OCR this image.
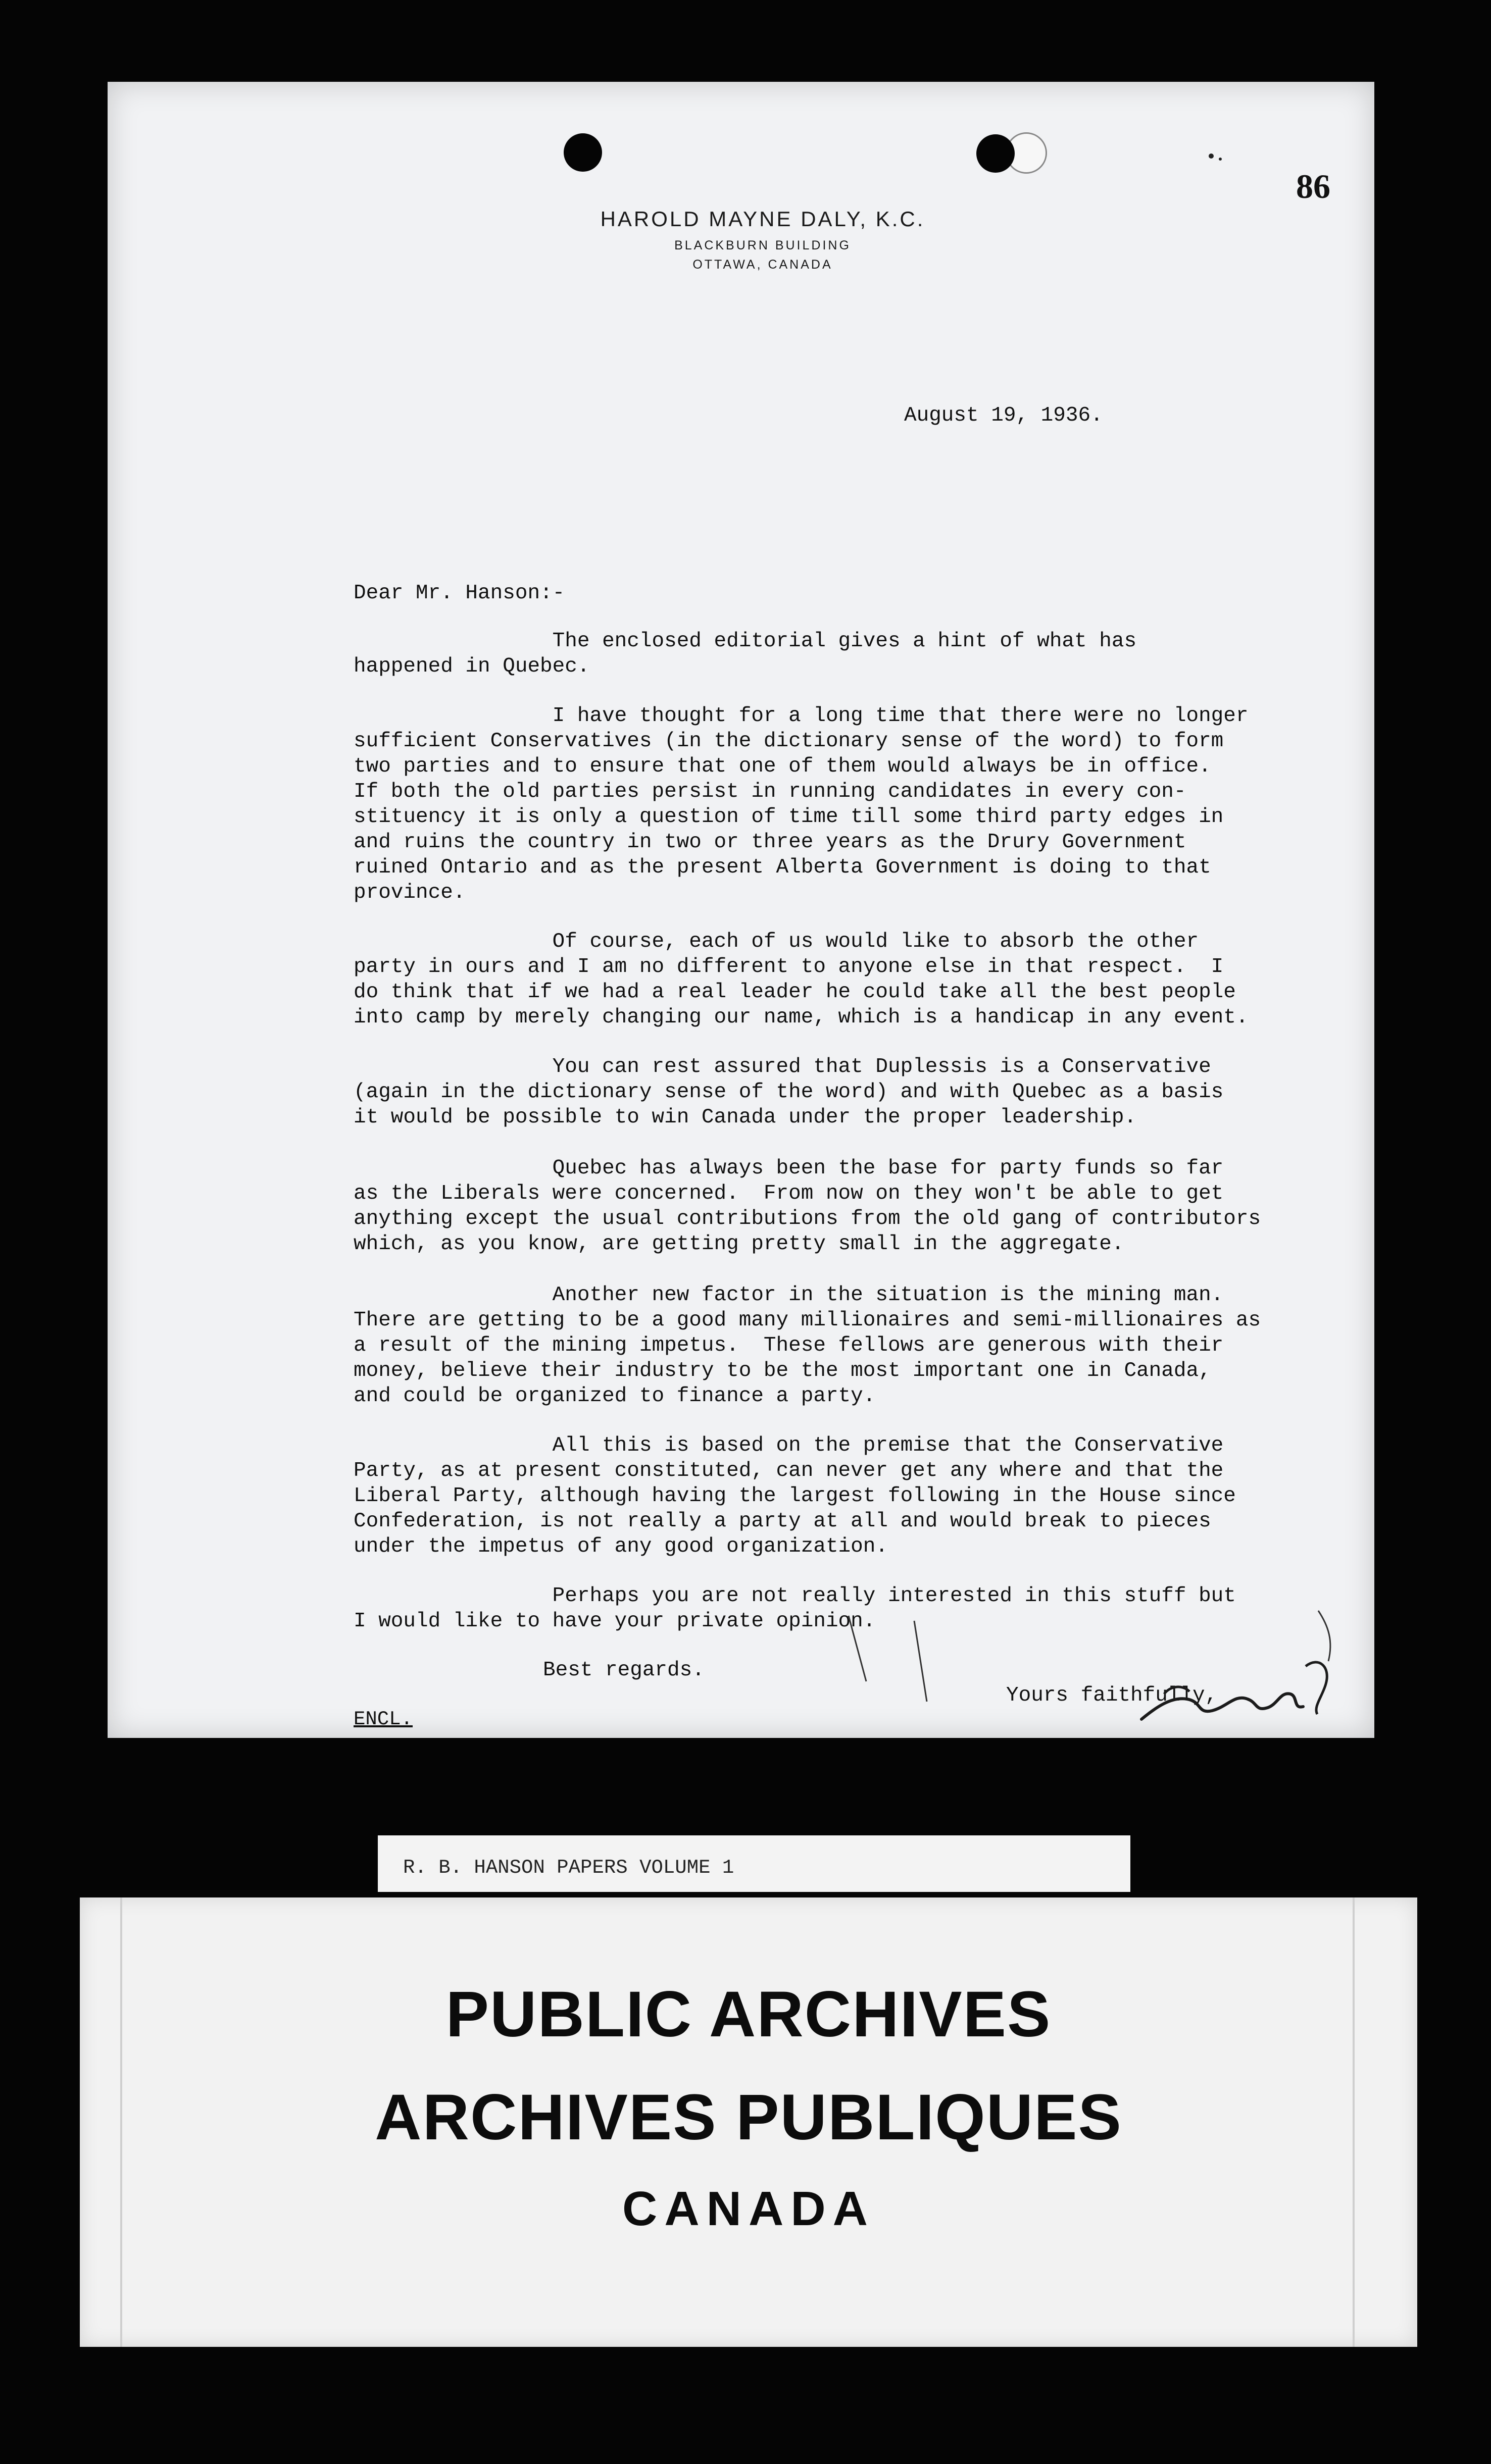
86
HAROLD MAYNE DALY, K.C.
BLACKBURN BUILDING
OTTAWA, CANADA
August 19, 1936.
Dear Mr. Hanson:-

The enclosed editorial gives a hint of what has
happened in Quebec.

I have thought for a long time that there were no longer
sufficient Conservatives (in the dictionary sense of the word) to form
two parties and to ensure that one of them would always be in office.
If both the old parties persist in running candidates in every con-
stituency it is only a question of time till some third party edges in
and ruins the country in two or three years as the Drury Government
ruined Ontario and as the present Alberta Government is doing to that
province.

Of course, each of us would like to absorb the other
party in ours and I am no different to anyone else in that respect.  I
do think that if we had a real leader he could take all the best people
into camp by merely changing our name, which is a handicap in any event.

You can rest assured that Duplessis is a Conservative
(again in the dictionary sense of the word) and with Quebec as a basis
it would be possible to win Canada under the proper leadership.

Quebec has always been the base for party funds so far
as the Liberals were concerned.  From now on they won't be able to get
anything except the usual contributions from the old gang of contributors
which, as you know, are getting pretty small in the aggregate.

Another new factor in the situation is the mining man.
There are getting to be a good many millionaires and semi-millionaires as
a result of the mining impetus.  These fellows are generous with their
money, believe their industry to be the most important one in Canada,
and could be organized to finance a party.

All this is based on the premise that the Conservative
Party, as at present constituted, can never get any where and that the
Liberal Party, although having the largest following in the House since
Confederation, is not really a party at all and would break to pieces
under the impetus of any good organization.

Perhaps you are not really interested in this stuff but
I would like to have your private opinion.

Best regards.
Yours faithfully,
ENCL.
R. B. HANSON PAPERS VOLUME 1
PUBLIC ARCHIVES
ARCHIVES PUBLIQUES
CANADA
